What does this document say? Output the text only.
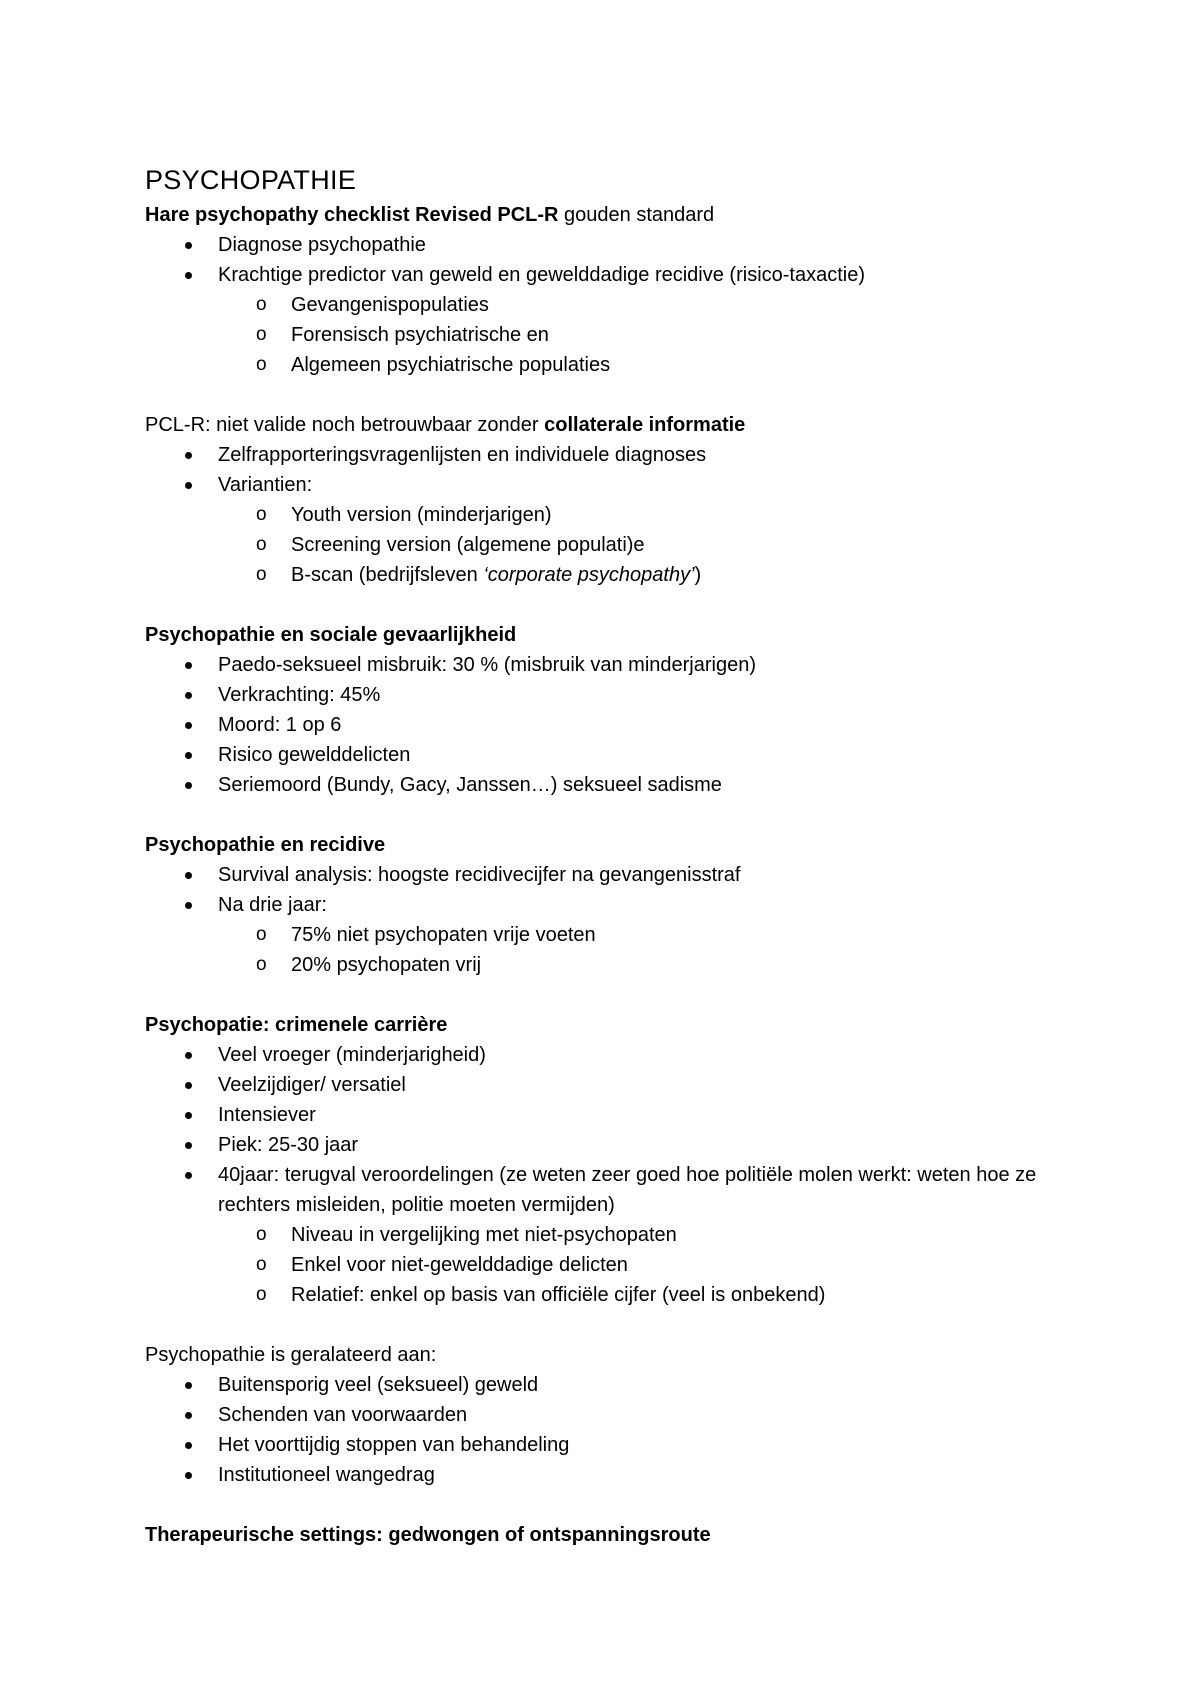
PSYCHOPATHIE

Hare psychopathy checklist Revised PCL-R gouden standard

Diagnose psychopathie
Krachtige predictor van geweld en gewelddadige recidive (risico-taxactie)
o Gevangenispopulaties
o Forensisch psychiatrische en
o Algemeen psychiatrische populaties

PCL-R: niet valide noch betrouwbaar zonder collaterale informatie

Zelfrapporteringsvragenlijsten en individuele diagnoses
Variantien:
o Youth version (minderjarigen)
o Screening version (algemene populati)e
o B-scan (bedrijfsleven ‘corporate psychopathy’)

Psychopathie en sociale gevaarlijkheid

Paedo-seksueel misbruik: 30 % (misbruik van minderjarigen)
Verkrachting: 45%
Moord: 1 op 6
Risico gewelddelicten
Seriemoord (Bundy, Gacy, Janssen…) seksueel sadisme

Psychopathie en recidive

Survival analysis: hoogste recidivecijfer na gevangenisstraf
Na drie jaar:
o 75% niet psychopaten vrije voeten
o 20% psychopaten vrij

Psychopatie: crimenele carrière

Veel vroeger (minderjarigheid)
Veelzijdiger/ versatiel
Intensiever
Piek: 25-30 jaar
40jaar: terugval veroordelingen (ze weten zeer goed hoe politiële molen werkt: weten hoe ze rechters misleiden, politie moeten vermijden)
o Niveau in vergelijking met niet-psychopaten
o Enkel voor niet-gewelddadige delicten
o Relatief: enkel op basis van officiële cijfer (veel is onbekend)

Psychopathie is geralateerd aan:

Buitensporig veel (seksueel) geweld
Schenden van voorwaarden
Het voorttijdig stoppen van behandeling
Institutioneel wangedrag

Therapeurische settings: gedwongen of ontspanningsroute
